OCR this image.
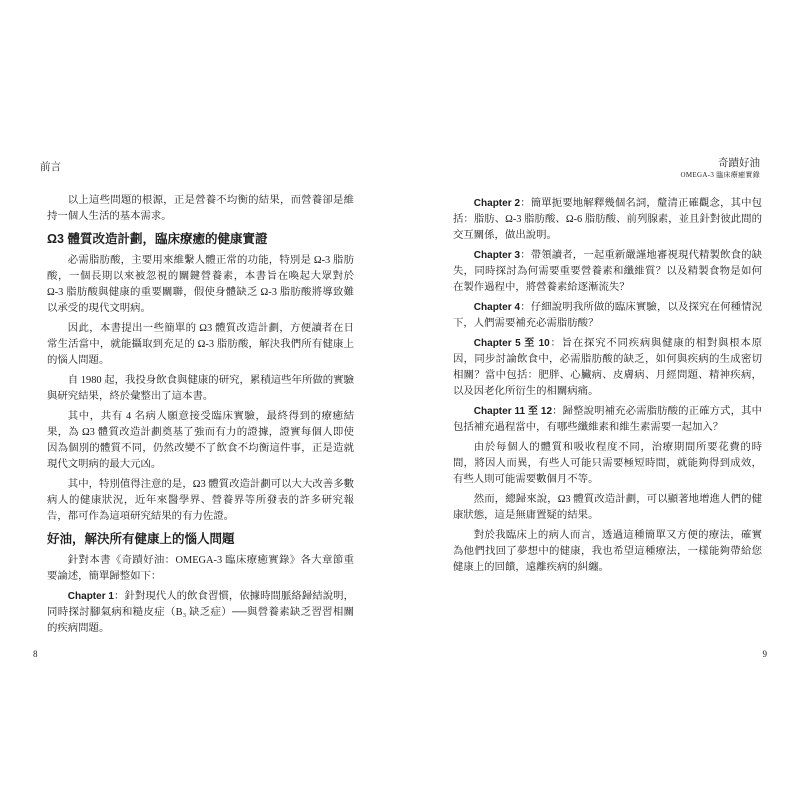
前言

以上這些問題的根源，正是營養不均衡的結果，而營養卻是維持一個人生活的基本需求。

Ω3 體質改造計劃，臨床療癒的健康實證

必需脂肪酸，主要用來維繫人體正常的功能，特別是 Ω-3 脂肪酸，一個長期以來被忽視的關鍵營養素，本書旨在喚起大眾對於 Ω-3 脂肪酸與健康的重要關聯，假使身體缺乏 Ω-3 脂肪酸將導致難以承受的現代文明病。

因此，本書提出一些簡單的 Ω3 體質改造計劃，方便讀者在日常生活當中，就能攝取到充足的 Ω-3 脂肪酸，解決我們所有健康上的惱人問題。

自 1980 起，我投身飲食與健康的研究，累積這些年所做的實驗與研究結果，終於彙整出了這本書。

其中，共有 4 名病人願意接受臨床實驗，最終得到的療癒結果，為 Ω3 體質改造計劃奠基了強而有力的證據，證實每個人即使因為個別的體質不同，仍然改變不了飲食不均衡這件事，正是造就現代文明病的最大元凶。

其中，特別值得注意的是，Ω3 體質改造計劃可以大大改善多數病人的健康狀況，近年來醫學界、營養界等所發表的許多研究報告，都可作為這項研究結果的有力佐證。

好油，解決所有健康上的惱人問題

針對本書《奇蹟好油：OMEGA-3 臨床療癒實錄》各大章節重要論述，簡單歸整如下：

Chapter 1：針對現代人的飲食習慣，依據時間脈絡歸結說明，同時探討腳氣病和糙皮症（B₃ 缺乏症）──與營養素缺乏習習相關的疾病問題。

8
奇蹟好油
OMEGA-3 臨床療癒實錄

Chapter 2：簡單扼要地解釋幾個名詞，釐清正確觀念，其中包括：脂肪、Ω-3 脂肪酸、Ω-6 脂肪酸、前列腺素，並且針對彼此間的交互關係，做出說明。

Chapter 3：帶領讀者，一起重新嚴謹地審視現代精製飲食的缺失，同時探討為何需要重要營養素和纖維質？以及精製食物是如何在製作過程中，將營養素給逐漸流失？

Chapter 4：仔細說明我所做的臨床實驗，以及探究在何種情況下，人們需要補充必需脂肪酸？

Chapter 5 至 10：旨在探究不同疾病與健康的相對與根本原因，同步討論飲食中，必需脂肪酸的缺乏，如何與疾病的生成密切相關？當中包括：肥胖、心臟病、皮膚病、月經問題、精神疾病，以及因老化所衍生的相關病痛。

Chapter 11 至 12：歸整說明補充必需脂肪酸的正確方式，其中包括補充過程當中，有哪些纖維素和維生素需要一起加入？

由於每個人的體質和吸收程度不同，治療期間所要花費的時間，將因人而異，有些人可能只需要極短時間，就能夠得到成效，有些人則可能需要數個月不等。

然而，總歸來說，Ω3 體質改造計劃，可以顯著地增進人們的健康狀態，這是無庸置疑的結果。

對於我臨床上的病人而言，透過這種簡單又方便的療法，確實為他們找回了夢想中的健康，我也希望這種療法，一樣能夠帶給您健康上的回饋，遠離疾病的糾纏。

9
